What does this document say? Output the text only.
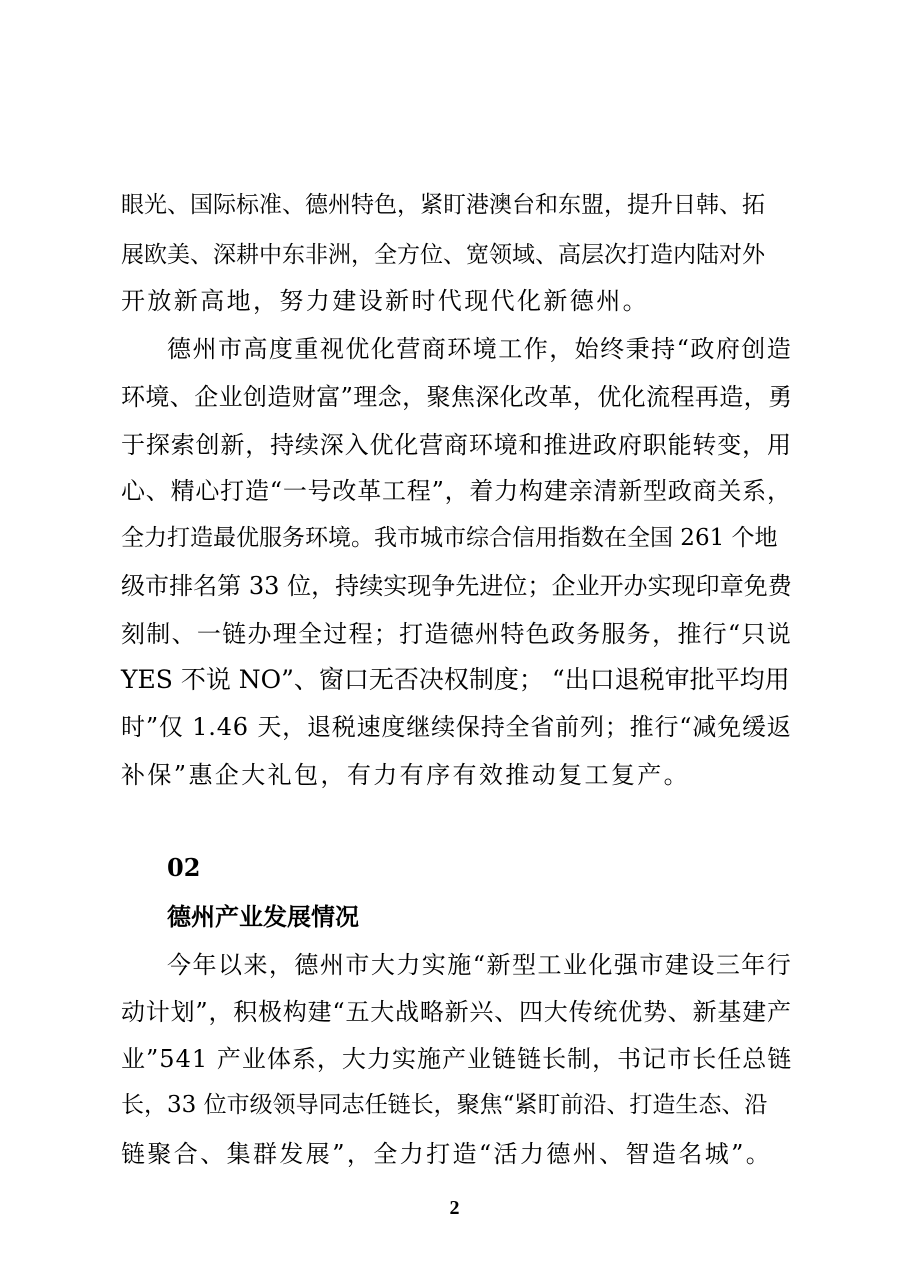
眼光、国际标准、德州特色，紧盯港澳台和东盟，提升日韩、拓
展欧美、深耕中东非洲，全方位、宽领域、高层次打造内陆对外
开放新高地，努力建设新时代现代化新德州。
德州市高度重视优化营商环境工作，始终秉持“政府创造
环境、企业创造财富”理念，聚焦深化改革，优化流程再造，勇
于探索创新，持续深入优化营商环境和推进政府职能转变，用
心、精心打造“一号改革工程”，着力构建亲清新型政商关系，
全力打造最优服务环境。我市城市综合信用指数在全国 261 个地
级市排名第 33 位，持续实现争先进位；企业开办实现印章免费
刻制、一链办理全过程；打造德州特色政务服务，推行“只说
YES 不说 NO”、窗口无否决权制度； “出口退税审批平均用
时”仅 1.46 天，退税速度继续保持全省前列；推行“减免缓返
补保”惠企大礼包，有力有序有效推动复工复产。
02
德州产业发展情况
今年以来，德州市大力实施“新型工业化强市建设三年行
动计划”，积极构建“五大战略新兴、四大传统优势、新基建产
业”541 产业体系，大力实施产业链链长制，书记市长任总链
长，33 位市级领导同志任链长，聚焦“紧盯前沿、打造生态、沿
链聚合、集群发展”，全力打造“活力德州、智造名城”。
2
